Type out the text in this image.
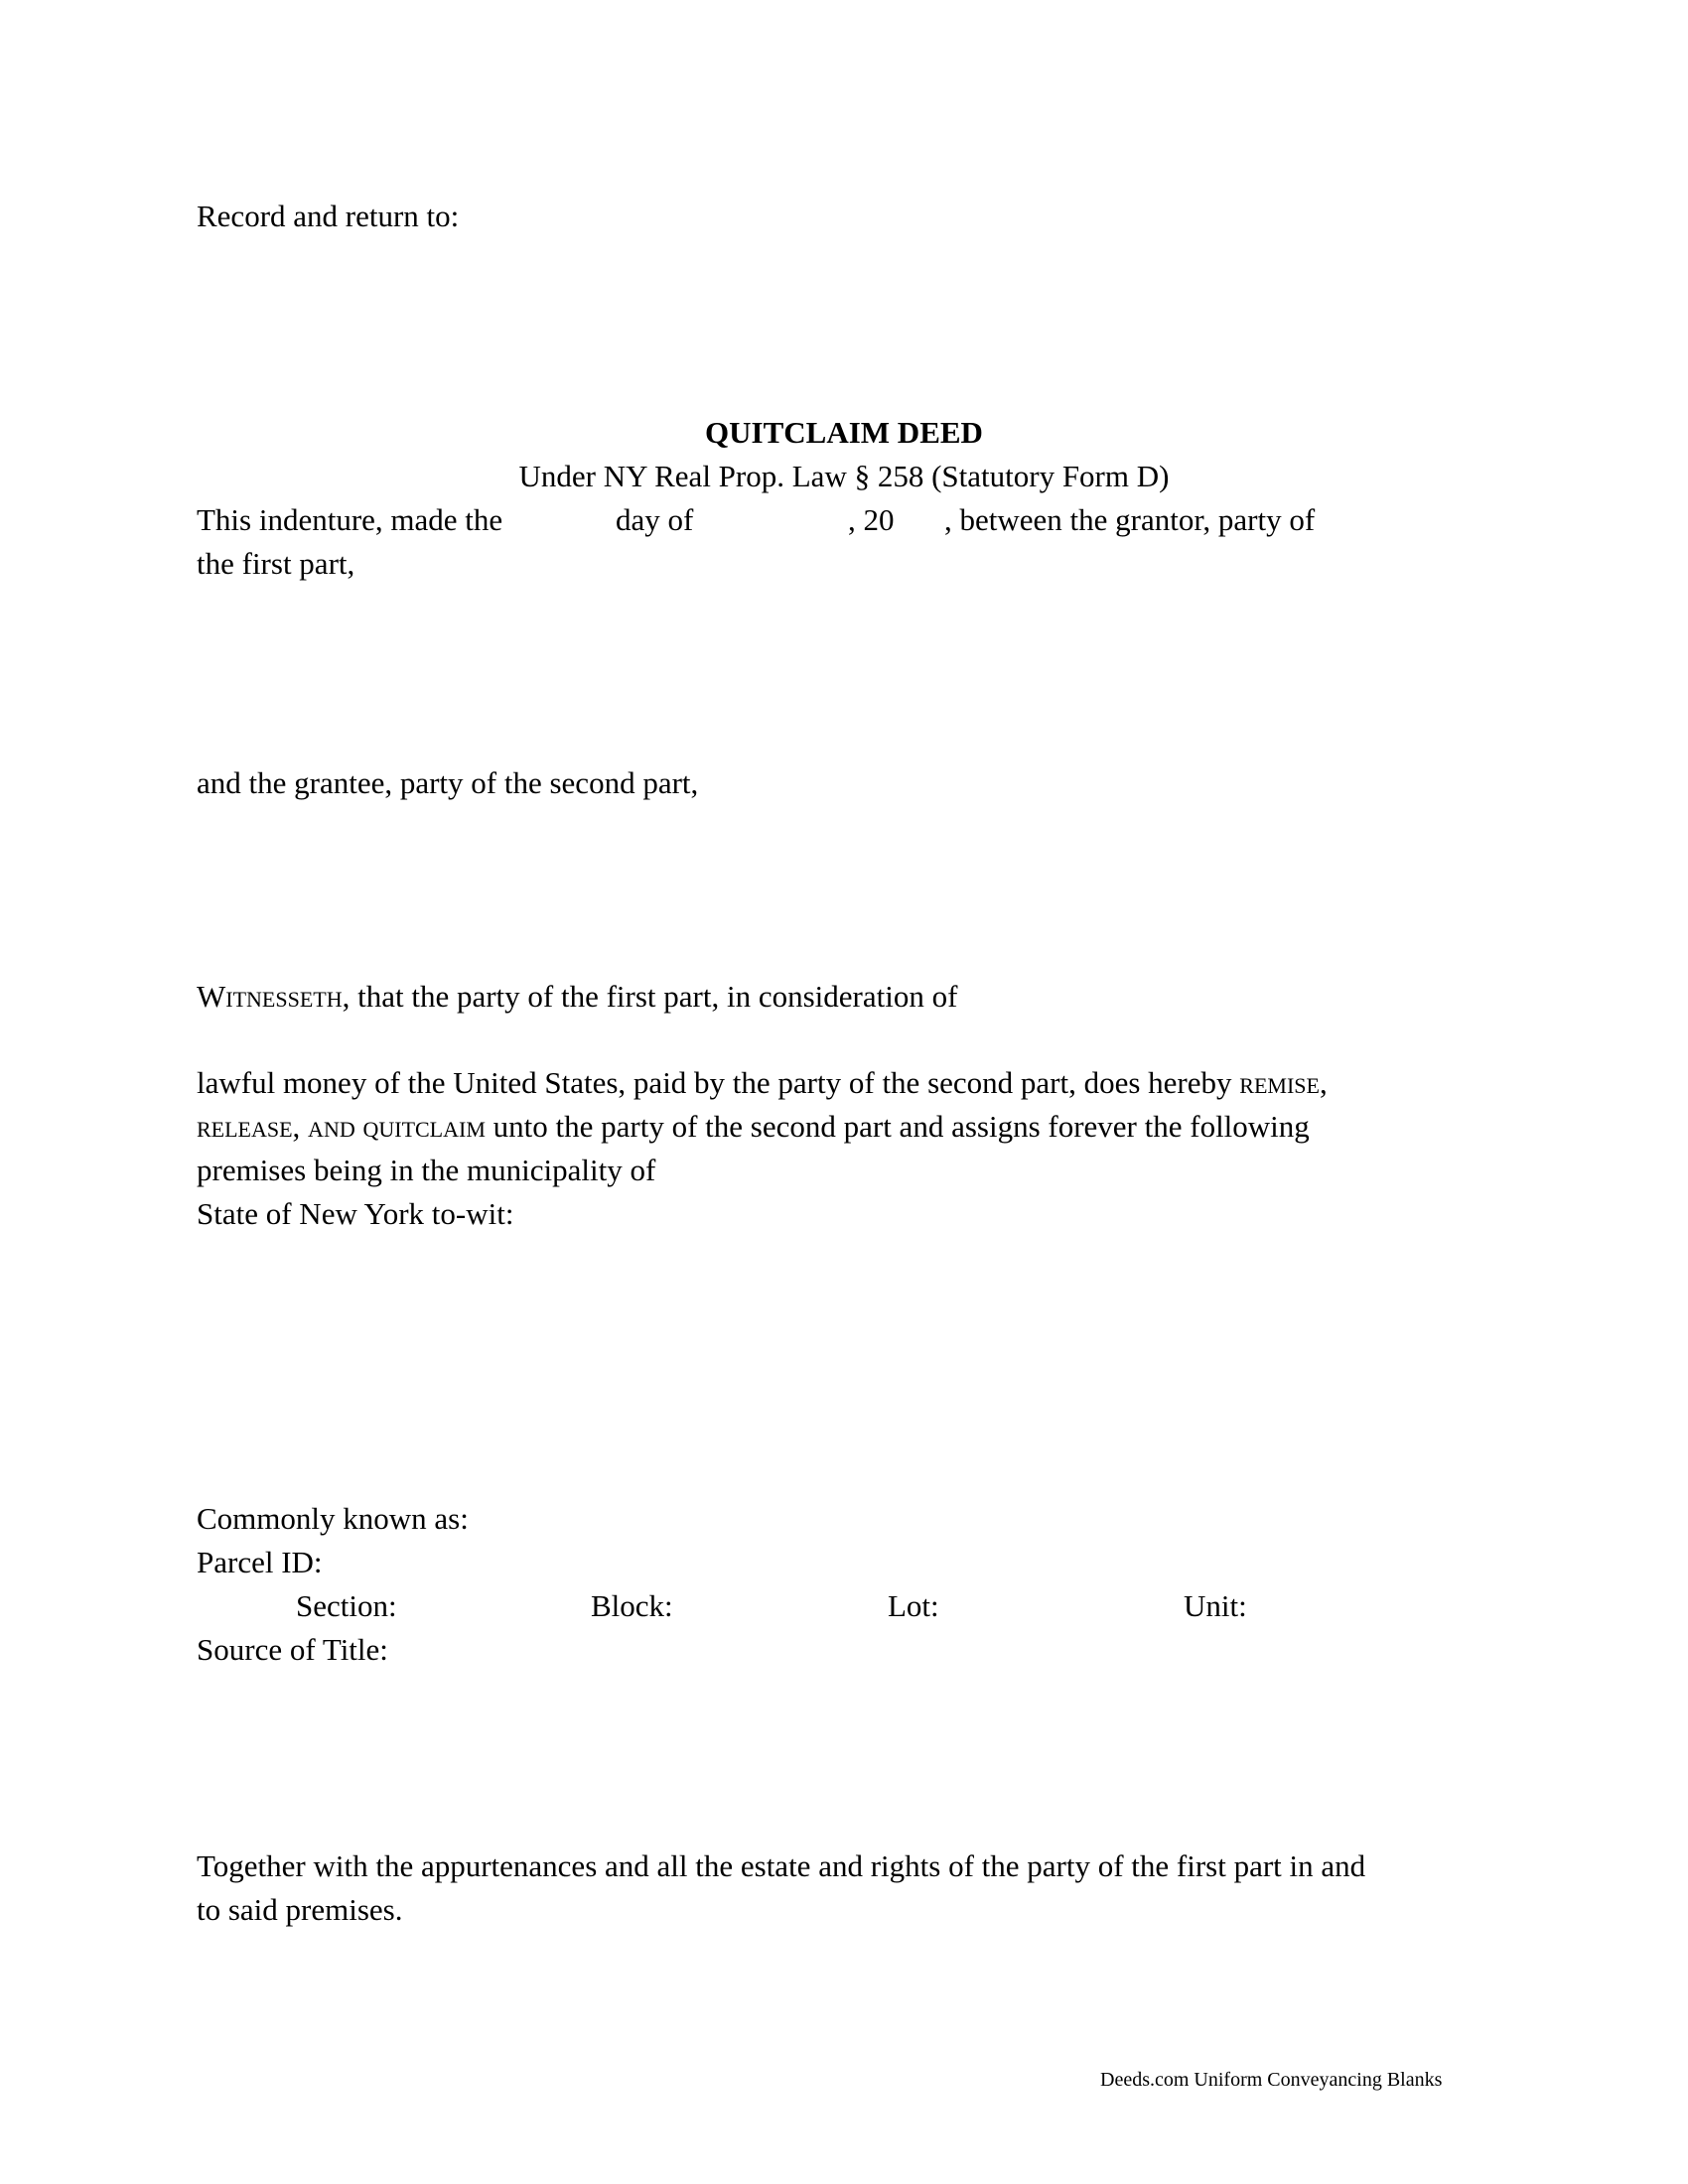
Record and return to:
QUITCLAIM DEED
Under NY Real Prop. Law § 258 (Statutory Form D)
This indenture, made the	day of	, 20 , between the grantor, party of
the first part,
and the grantee, party of the second part,
Witnesseth, that the party of the first part, in consideration of
lawful money of the United States, paid by the party of the second part, does hereby remise,
release, and quitclaim unto the party of the second part and assigns forever the following
premises being in the municipality of
State of New York to-wit:
Commonly known as:
Parcel ID:
Section:	Block:	Lot:	Unit:
Source of Title:
Together with the appurtenances and all the estate and rights of the party of the first part in and
to said premises.
Deeds.com Uniform Conveyancing Blanks
